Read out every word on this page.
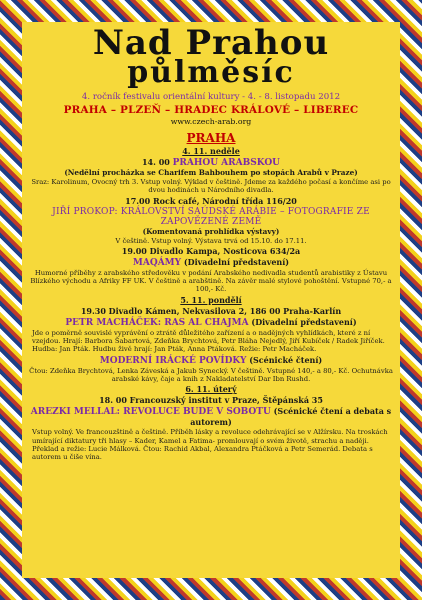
Nad Prahou
půlměsíc
4. ročník festivalu orientální kultury - 4. - 8. listopadu 2012
PRAHA – PLZEŇ – HRADEC KRÁLOVÉ – LIBEREC
www.czech-arab.org
PRAHA
4. 11. neděle
14. 00 PRAHOU ARABSKOU
(Nedělní procházka se Charifem Bahbouhem po stopách Arabů v Praze)
Sraz: Karolinum, Ovocný trh 3. Vstup volný. Výklad v češtině. Jdeme za každého počasí a končíme asi po dvou hodinách u Národního divadla.
17.00 Rock café, Národní třída 116/20
JIŘÍ PROKOP: KRÁLOVSTVÍ SAÚDSKÉ ARÁBIE – FOTOGRAFIE ZE ZAPOVĚZENÉ ZEMĚ
(Komentovaná prohlídka výstavy)
V češtině. Vstup volný. Výstava trvá od 15.10. do 17.11.
19.00 Divadlo Kampa, Nosticova 634/2a
MAQÁMY (Divadelní představení)
Humorné příběhy z arabského středověku v podání Arabského nedivadla studentů arabistiky z Ústavu Blízkého východu a Afriky FF UK. V češtině a arabštině. Na závěr malé stylové pohoštění. Vstupné 70,- a 100,- Kč.
5. 11. pondělí
19.30 Divadlo Kámen, Nekvasilova 2, 186 00 Praha-Karlín
PETR MACHÁČEK: RAS AL CHAJMA (Divadelní představení)
Jde o poměrně souvislé vyprávění o ztrátě důležitého zařízení a o nadějných vyhlídkách, které z ní vzejdou. Hrají: Barbora Šabartová, Zdeňka Brychtová, Petr Bláha Nejedlý, Jiří Kubíček / Radek Jiříček. Hudba: Jan Pták. Hudbu živě hrají: Jan Pták, Anna Ptáková. Režie: Petr Macháček.
MODERNÍ IRÁCKÉ POVÍDKY (Scénické čtení)
Čtou: Zdeňka Brychtová, Lenka Záveská a Jakub Synecký. V češtině. Vstupné 140,- a 80,- Kč. Ochutnávka arabské kávy, čaje a knih z Nakladatelství Dar Ibn Rushd.
6. 11. úterý
18. 00 Francouzský institut v Praze, Štěpánská 35
AREZKI MELLAL: REVOLUCE BUDE V SOBOTU (Scénické čtení a debata s autorem)
Vstup volný. Ve francouzštině a češtině. Příběh lásky a revoluce odehrávající se v Alžírsku. Na troskách umírající diktatury tři hlasy – Kader, Kamel a Fatima- promlouvají o svém životě, strachu a naději. Překlad a režie: Lucie Málková. Čtou: Rachid Akbal, Alexandra Ptáčková a Petr Semerád. Debata s autorem u čiše vína.
